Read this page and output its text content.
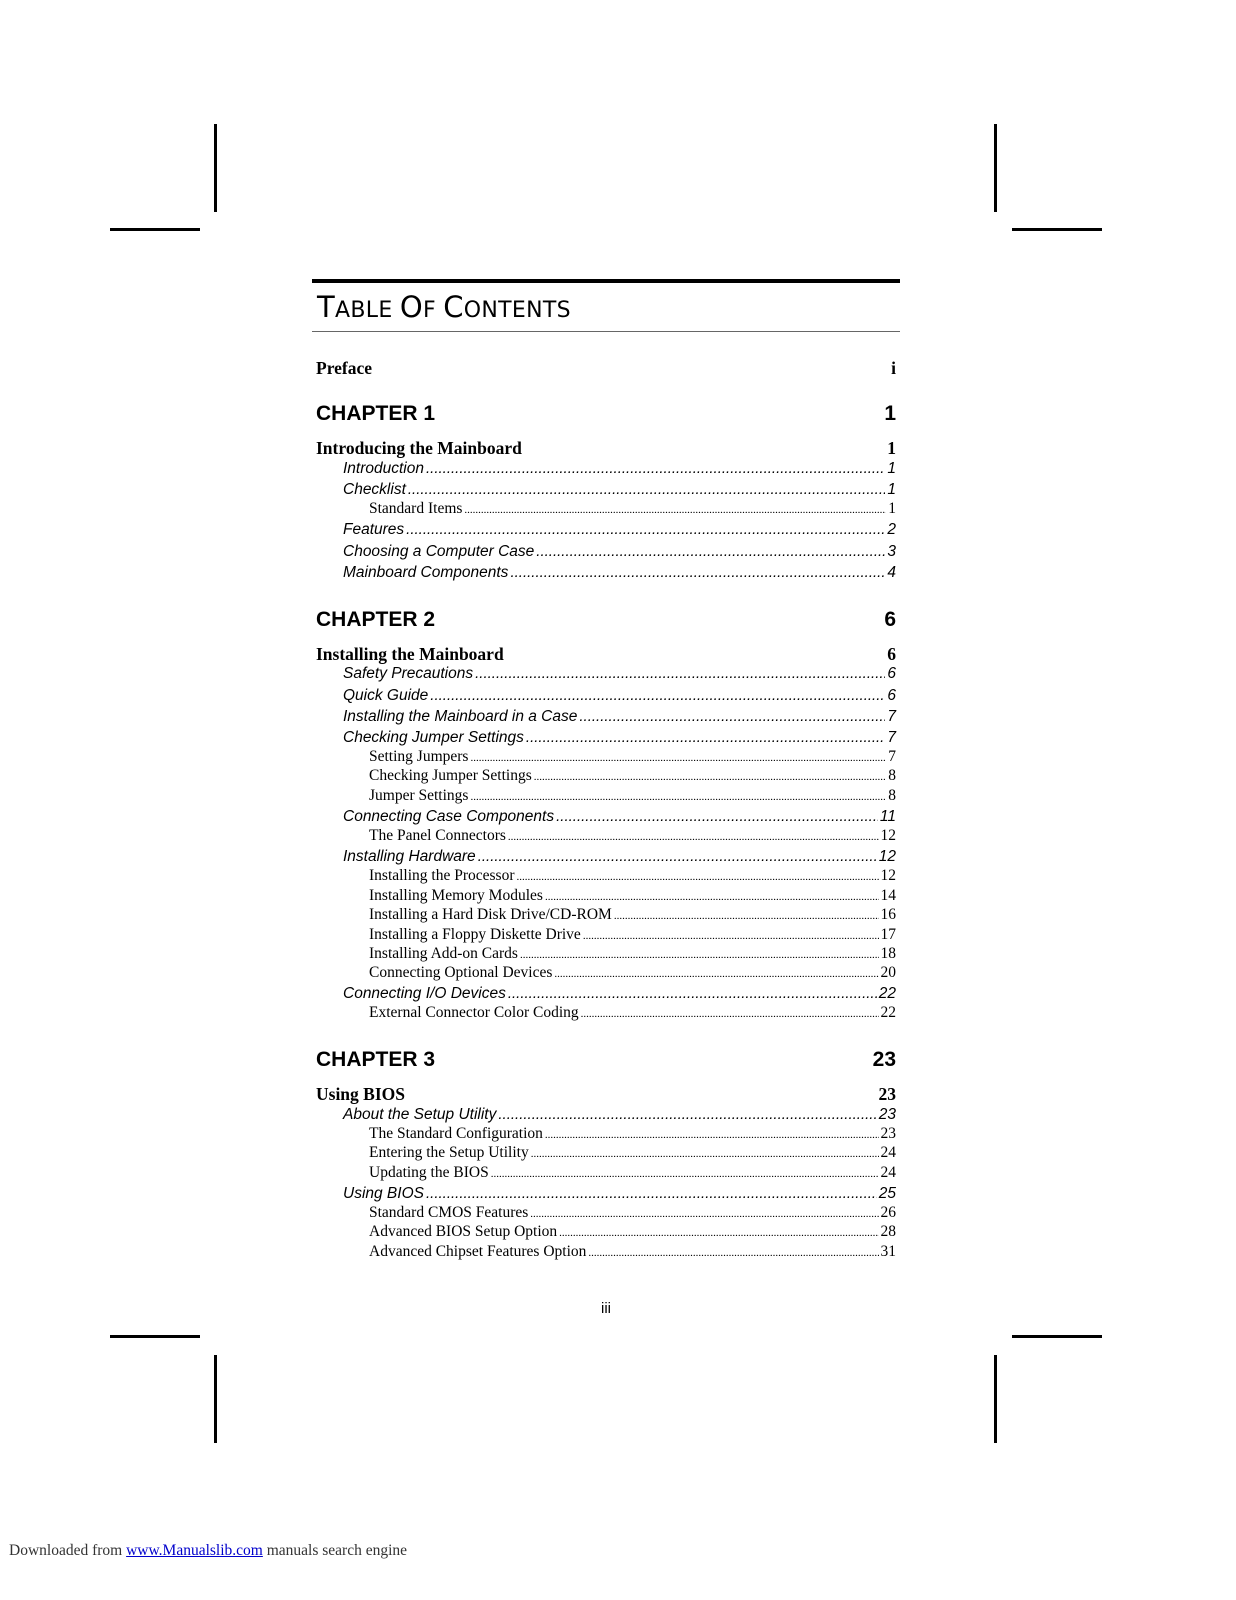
TABLE OF CONTENTS
Preface	i
CHAPTER 1	1
Introducing the Mainboard	1
Introduction .....	1
Checklist .....	1
Standard Items .....	1
Features .....	2
Choosing a Computer Case .....	3
Mainboard Components .....	4
CHAPTER 2	6
Installing the Mainboard	6
Safety Precautions .....	6
Quick Guide .....	6
Installing the Mainboard in a Case .....	7
Checking Jumper Settings .....	7
Setting Jumpers .....	7
Checking Jumper Settings .....	8
Jumper Settings .....	8
Connecting Case Components .....	11
The Panel Connectors .....	12
Installing Hardware .....	12
Installing the Processor .....	12
Installing Memory Modules .....	14
Installing a Hard Disk Drive/CD-ROM .....	16
Installing a Floppy Diskette Drive .....	17
Installing Add-on Cards .....	18
Connecting Optional Devices .....	20
Connecting I/O Devices .....	22
External Connector Color Coding .....	22
CHAPTER 3	23
Using BIOS	23
About the Setup Utility .....	23
The Standard Configuration .....	23
Entering the Setup Utility .....	24
Updating the BIOS .....	24
Using BIOS .....	25
Standard CMOS Features .....	26
Advanced BIOS Setup Option .....	28
Advanced Chipset Features Option .....	31
iii
Downloaded from www.Manualslib.com manuals search engine
